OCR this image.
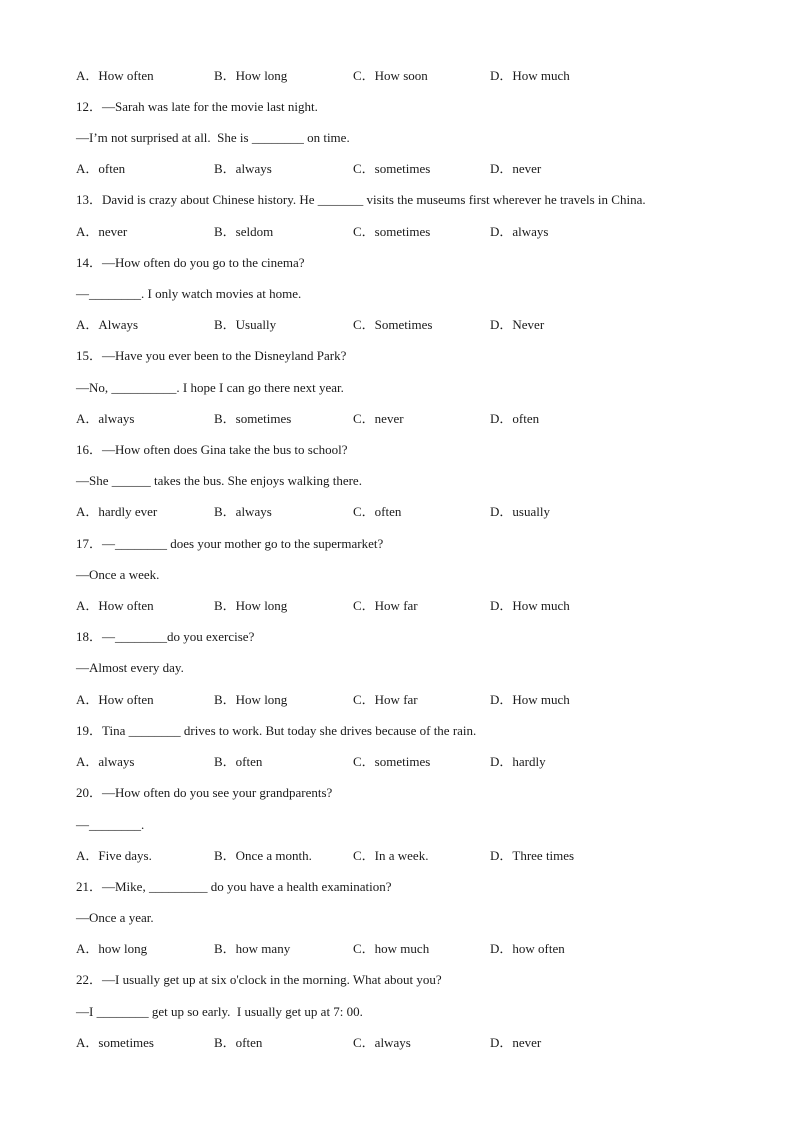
A．How often	B．How long	C．How soon	D．How much
12．—Sarah was late for the movie last night.
—I’m not surprised at all.  She is ________ on time.
A．often	B．always	C．sometimes	D．never
13．David is crazy about Chinese history. He _______ visits the museums first wherever he travels in China.
A．never	B．seldom	C．sometimes	D．always
14．—How often do you go to the cinema?
—________. I only watch movies at home.
A．Always	B．Usually	C．Sometimes	D．Never
15．—Have you ever been to the Disneyland Park?
—No, __________. I hope I can go there next year.
A．always	B．sometimes	C．never	D．often
16．—How often does Gina take the bus to school?
—She ______ takes the bus. She enjoys walking there.
A．hardly ever	B．always	C．often	D．usually
17．—________ does your mother go to the supermarket?
—Once a week.
A．How often	B．How long	C．How far	D．How much
18．—________do you exercise?
—Almost every day.
A．How often	B．How long	C．How far	D．How much
19．Tina ________ drives to work. But today she drives because of the rain.
A．always	B．often	C．sometimes	D．hardly
20．—How often do you see your grandparents?
—________.
A．Five days.	B．Once a month.	C．In a week.	D．Three times
21．—Mike, _________ do you have a health examination?
—Once a year.
A．how long	B．how many	C．how much	D．how often
22．—I usually get up at six o'clock in the morning. What about you?
—I ________ get up so early.  I usually get up at 7: 00.
A．sometimes	B．often	C．always	D．never
